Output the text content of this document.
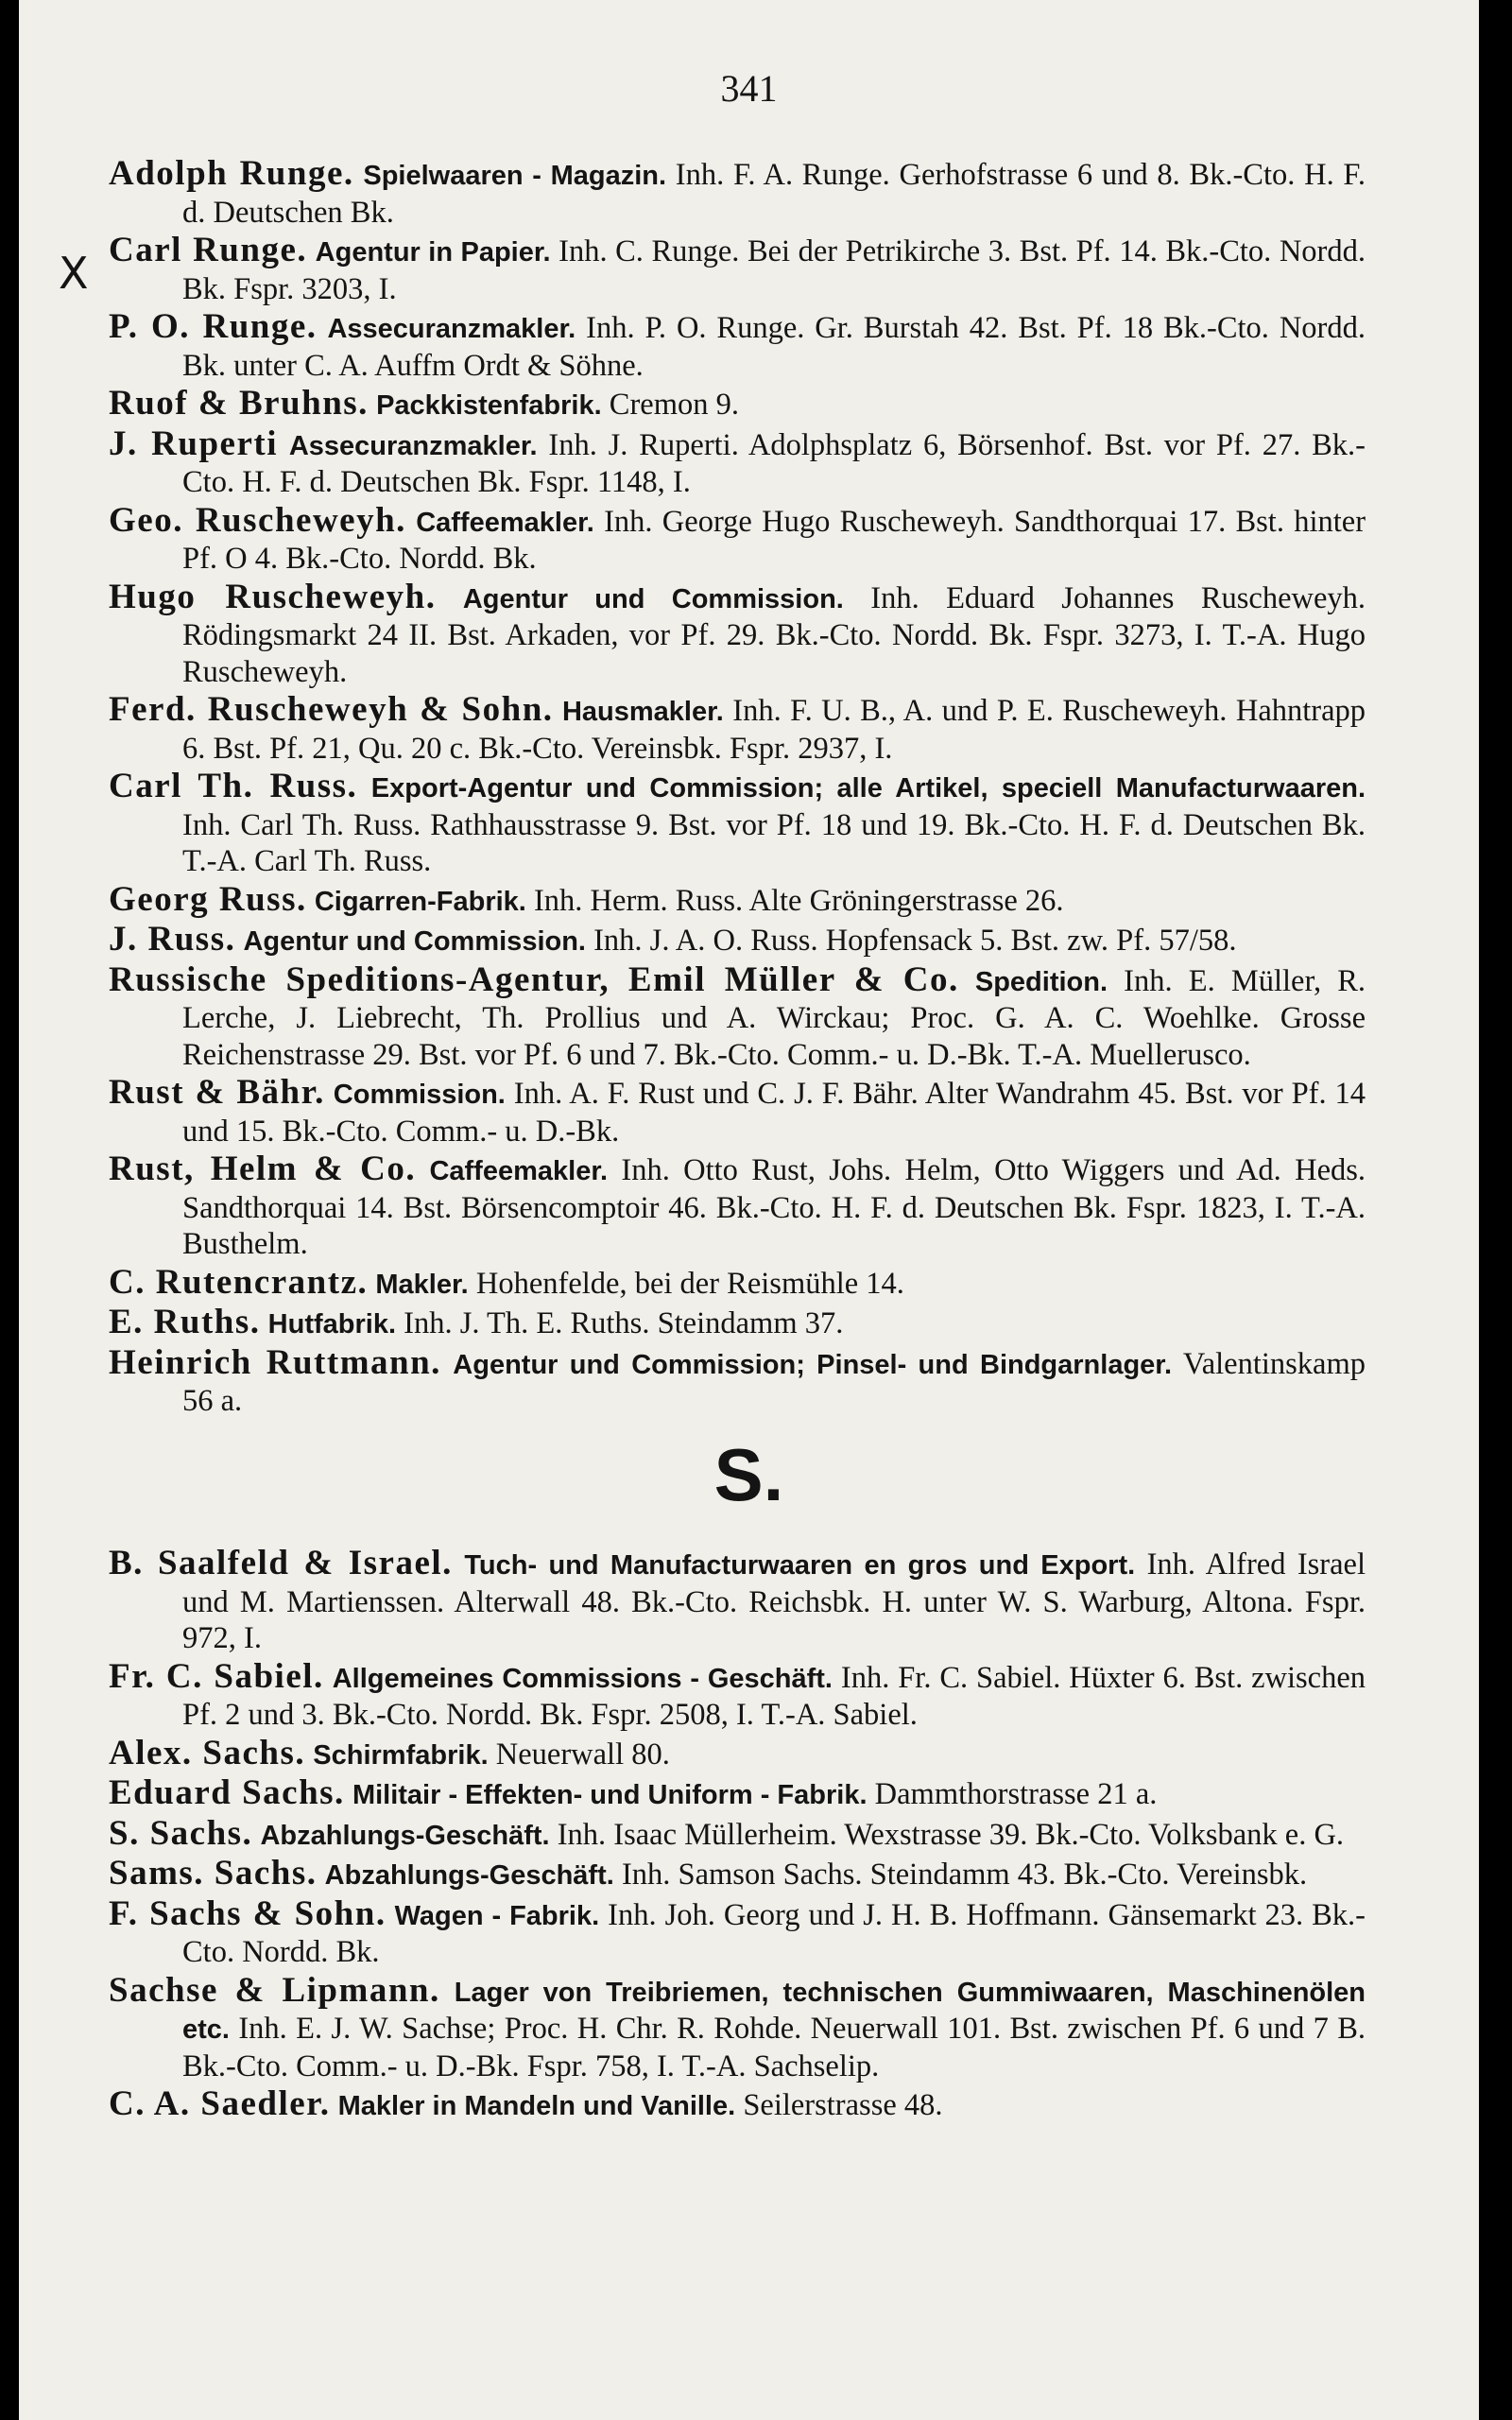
341
X

Adolph Runge. Spielwaaren - Magazin. Inh. F. A. Runge. Gerhofstrasse 6 und 8. Bk.-Cto. H. F. d. Deutschen Bk.

Carl Runge. Agentur in Papier. Inh. C. Runge. Bei der Petrikirche 3. Bst. Pf. 14. Bk.-Cto. Nordd. Bk. Fspr. 3203, I.

P. O. Runge. Assecuranzmakler. Inh. P. O. Runge. Gr. Burstah 42. Bst. Pf. 18 Bk.-Cto. Nordd. Bk. unter C. A. Auffm Ordt & Söhne.

Ruof & Bruhns. Packkistenfabrik. Cremon 9.

J. Ruperti Assecuranzmakler. Inh. J. Ruperti. Adolphsplatz 6, Börsenhof. Bst. vor Pf. 27. Bk.-Cto. H. F. d. Deutschen Bk. Fspr. 1148, I.

Geo. Ruscheweyh. Caffeemakler. Inh. George Hugo Ruscheweyh. Sandthorquai 17. Bst. hinter Pf. O 4. Bk.-Cto. Nordd. Bk.

Hugo Ruscheweyh. Agentur und Commission. Inh. Eduard Johannes Ruscheweyh. Rödingsmarkt 24 II. Bst. Arkaden, vor Pf. 29. Bk.-Cto. Nordd. Bk. Fspr. 3273, I. T.-A. Hugo Ruscheweyh.

Ferd. Ruscheweyh & Sohn. Hausmakler. Inh. F. U. B., A. und P. E. Ruscheweyh. Hahntrapp 6. Bst. Pf. 21, Qu. 20 c. Bk.-Cto. Vereinsbk. Fspr. 2937, I.

Carl Th. Russ. Export-Agentur und Commission; alle Artikel, speciell Manufacturwaaren. Inh. Carl Th. Russ. Rathhausstrasse 9. Bst. vor Pf. 18 und 19. Bk.-Cto. H. F. d. Deutschen Bk. T.-A. Carl Th. Russ.

Georg Russ. Cigarren-Fabrik. Inh. Herm. Russ. Alte Gröningerstrasse 26.

J. Russ. Agentur und Commission. Inh. J. A. O. Russ. Hopfensack 5. Bst. zw. Pf. 57/58.

Russische Speditions-Agentur, Emil Müller & Co. Spedition. Inh. E. Müller, R. Lerche, J. Liebrecht, Th. Prollius und A. Wirckau; Proc. G. A. C. Woehlke. Grosse Reichenstrasse 29. Bst. vor Pf. 6 und 7. Bk.-Cto. Comm.- u. D.-Bk. T.-A. Muellerusco.

Rust & Bähr. Commission. Inh. A. F. Rust und C. J. F. Bähr. Alter Wandrahm 45. Bst. vor Pf. 14 und 15. Bk.-Cto. Comm.- u. D.-Bk.

Rust, Helm & Co. Caffeemakler. Inh. Otto Rust, Johs. Helm, Otto Wiggers und Ad. Heds. Sandthorquai 14. Bst. Börsencomptoir 46. Bk.-Cto. H. F. d. Deutschen Bk. Fspr. 1823, I. T.-A. Busthelm.

C. Rutencrantz. Makler. Hohenfelde, bei der Reismühle 14.

E. Ruths. Hutfabrik. Inh. J. Th. E. Ruths. Steindamm 37.

Heinrich Ruttmann. Agentur und Commission; Pinsel- und Bindgarnlager. Valentinskamp 56 a.

S.

B. Saalfeld & Israel. Tuch- und Manufacturwaaren en gros und Export. Inh. Alfred Israel und M. Martienssen. Alterwall 48. Bk.-Cto. Reichsbk. H. unter W. S. Warburg, Altona. Fspr. 972, I.

Fr. C. Sabiel. Allgemeines Commissions - Geschäft. Inh. Fr. C. Sabiel. Hüxter 6. Bst. zwischen Pf. 2 und 3. Bk.-Cto. Nordd. Bk. Fspr. 2508, I. T.-A. Sabiel.

Alex. Sachs. Schirmfabrik. Neuerwall 80.

Eduard Sachs. Militair - Effekten- und Uniform - Fabrik. Dammthorstrasse 21 a.

S. Sachs. Abzahlungs-Geschäft. Inh. Isaac Müllerheim. Wexstrasse 39. Bk.-Cto. Volksbank e. G.

Sams. Sachs. Abzahlungs-Geschäft. Inh. Samson Sachs. Steindamm 43. Bk.-Cto. Vereinsbk.

F. Sachs & Sohn. Wagen - Fabrik. Inh. Joh. Georg und J. H. B. Hoffmann. Gänsemarkt 23. Bk.-Cto. Nordd. Bk.

Sachse & Lipmann. Lager von Treibriemen, technischen Gummiwaaren, Maschinenölen etc. Inh. E. J. W. Sachse; Proc. H. Chr. R. Rohde. Neuerwall 101. Bst. zwischen Pf. 6 und 7 B. Bk.-Cto. Comm.- u. D.-Bk. Fspr. 758, I. T.-A. Sachselip.

C. A. Saedler. Makler in Mandeln und Vanille. Seilerstrasse 48.
